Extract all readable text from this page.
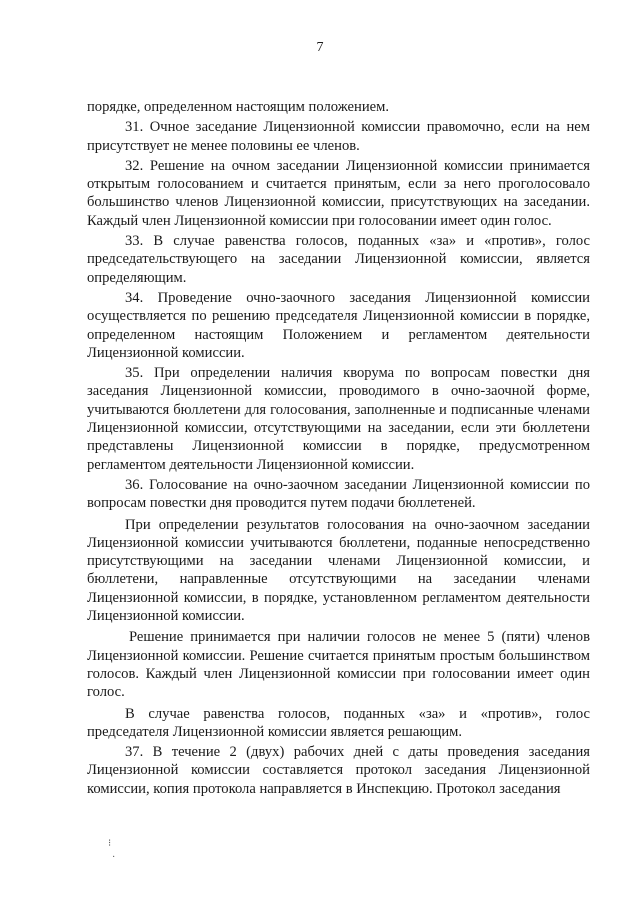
7

порядке, определенном настоящим положением.

31. Очное заседание Лицензионной комиссии правомочно, если на нем присутствует не менее половины ее членов.

32. Решение на очном заседании Лицензионной комиссии принимается открытым голосованием и считается принятым, если за него проголосовало большинство членов Лицензионной комиссии, присутствующих на заседании. Каждый член Лицензионной комиссии при голосовании имеет один голос.

33. В случае равенства голосов, поданных «за» и «против», голос председательствующего на заседании Лицензионной комиссии, является определяющим.

34. Проведение очно-заочного заседания Лицензионной комиссии осуществляется по решению председателя Лицензионной комиссии в порядке, определенном настоящим Положением и регламентом деятельности Лицензионной комиссии.

35. При определении наличия кворума по вопросам повестки дня заседания Лицензионной комиссии, проводимого в очно-заочной форме, учитываются бюллетени для голосования, заполненные и подписанные членами Лицензионной комиссии, отсутствующими на заседании, если эти бюллетени представлены Лицензионной комиссии в порядке, предусмотренном регламентом деятельности Лицензионной комиссии.

36. Голосование на очно-заочном заседании Лицензионной комиссии по вопросам повестки дня проводится путем подачи бюллетеней.

При определении результатов голосования на очно-заочном заседании Лицензионной комиссии учитываются бюллетени, поданные непосредственно присутствующими на заседании членами Лицензионной комиссии, и бюллетени, направленные отсутствующими на заседании членами Лицензионной комиссии, в порядке, установленном регламентом деятельности Лицензионной комиссии.

Решение принимается при наличии голосов не менее 5 (пяти) членов Лицензионной комиссии. Решение считается принятым простым большинством голосов. Каждый член Лицензионной комиссии при голосовании имеет один голос.

В случае равенства голосов, поданных «за» и «против», голос председателя Лицензионной комиссии является решающим.

37. В течение 2 (двух) рабочих дней с даты проведения заседания Лицензионной комиссии составляется протокол заседания Лицензионной комиссии, копия протокола направляется в Инспекцию. Протокол заседания

⁝
·
